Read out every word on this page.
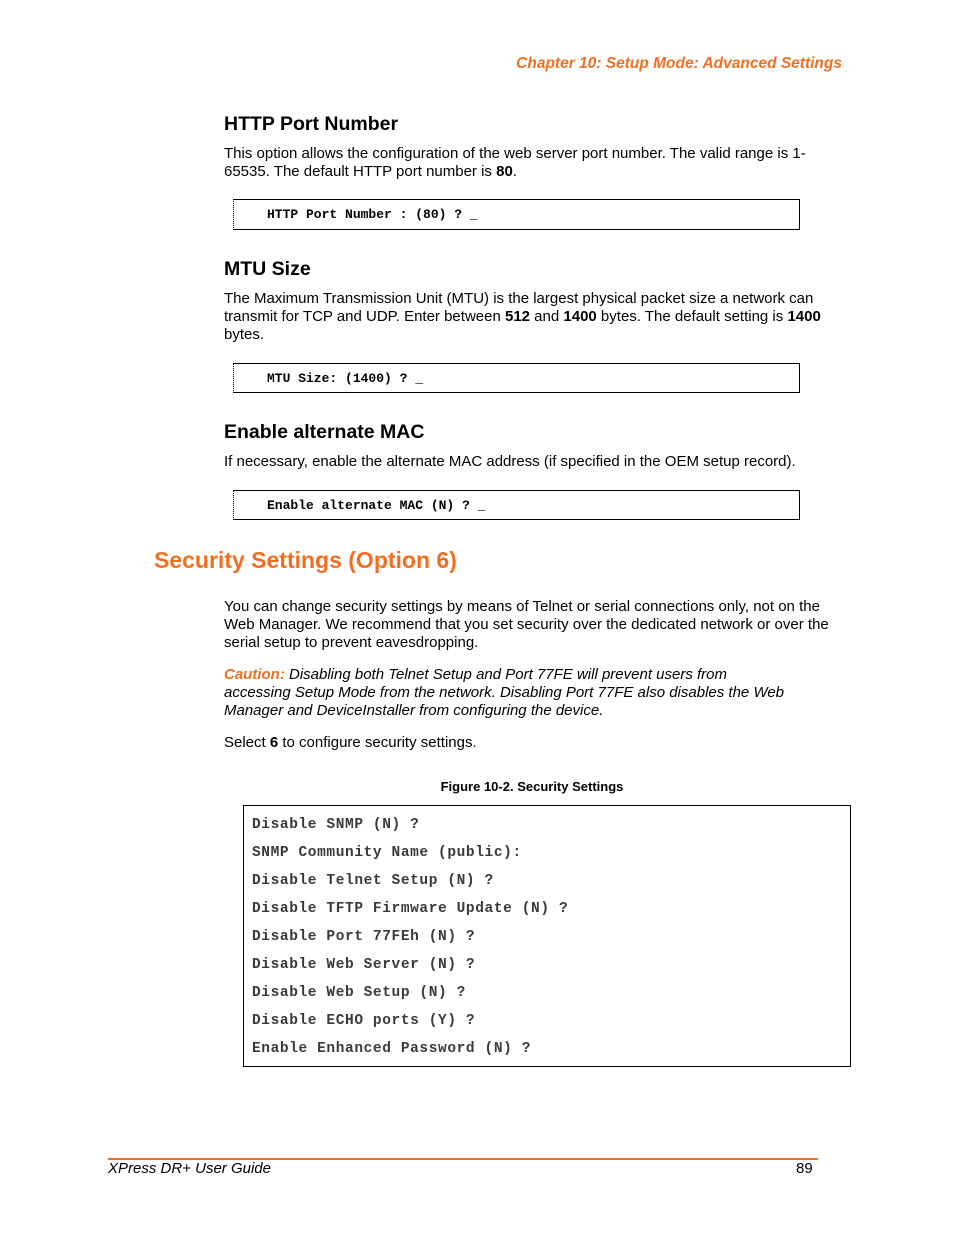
Chapter 10: Setup Mode: Advanced Settings
HTTP Port Number
This option allows the configuration of the web server port number. The valid range is 1-65535. The default HTTP port number is 80.
HTTP Port Number : (80) ? _
MTU Size
The Maximum Transmission Unit (MTU) is the largest physical packet size a network can transmit for TCP and UDP. Enter between 512 and 1400 bytes. The default setting is 1400 bytes.
MTU Size: (1400) ? _
Enable alternate MAC
If necessary, enable the alternate MAC address (if specified in the OEM setup record).
Enable alternate MAC (N) ? _
Security Settings (Option 6)
You can change security settings by means of Telnet or serial connections only, not on the Web Manager. We recommend that you set security over the dedicated network or over the serial setup to prevent eavesdropping.
Caution: Disabling both Telnet Setup and Port 77FE will prevent users from accessing Setup Mode from the network. Disabling Port 77FE also disables the Web Manager and DeviceInstaller from configuring the device.
Select 6 to configure security settings.
Figure 10-2. Security Settings
Disable SNMP (N) ?
SNMP Community Name (public):
Disable Telnet Setup (N) ?
Disable TFTP Firmware Update (N) ?
Disable Port 77FEh (N) ?
Disable Web Server (N) ?
Disable Web Setup (N) ?
Disable ECHO ports (Y) ?
Enable Enhanced Password (N) ?
XPress DR+ User Guide	89
